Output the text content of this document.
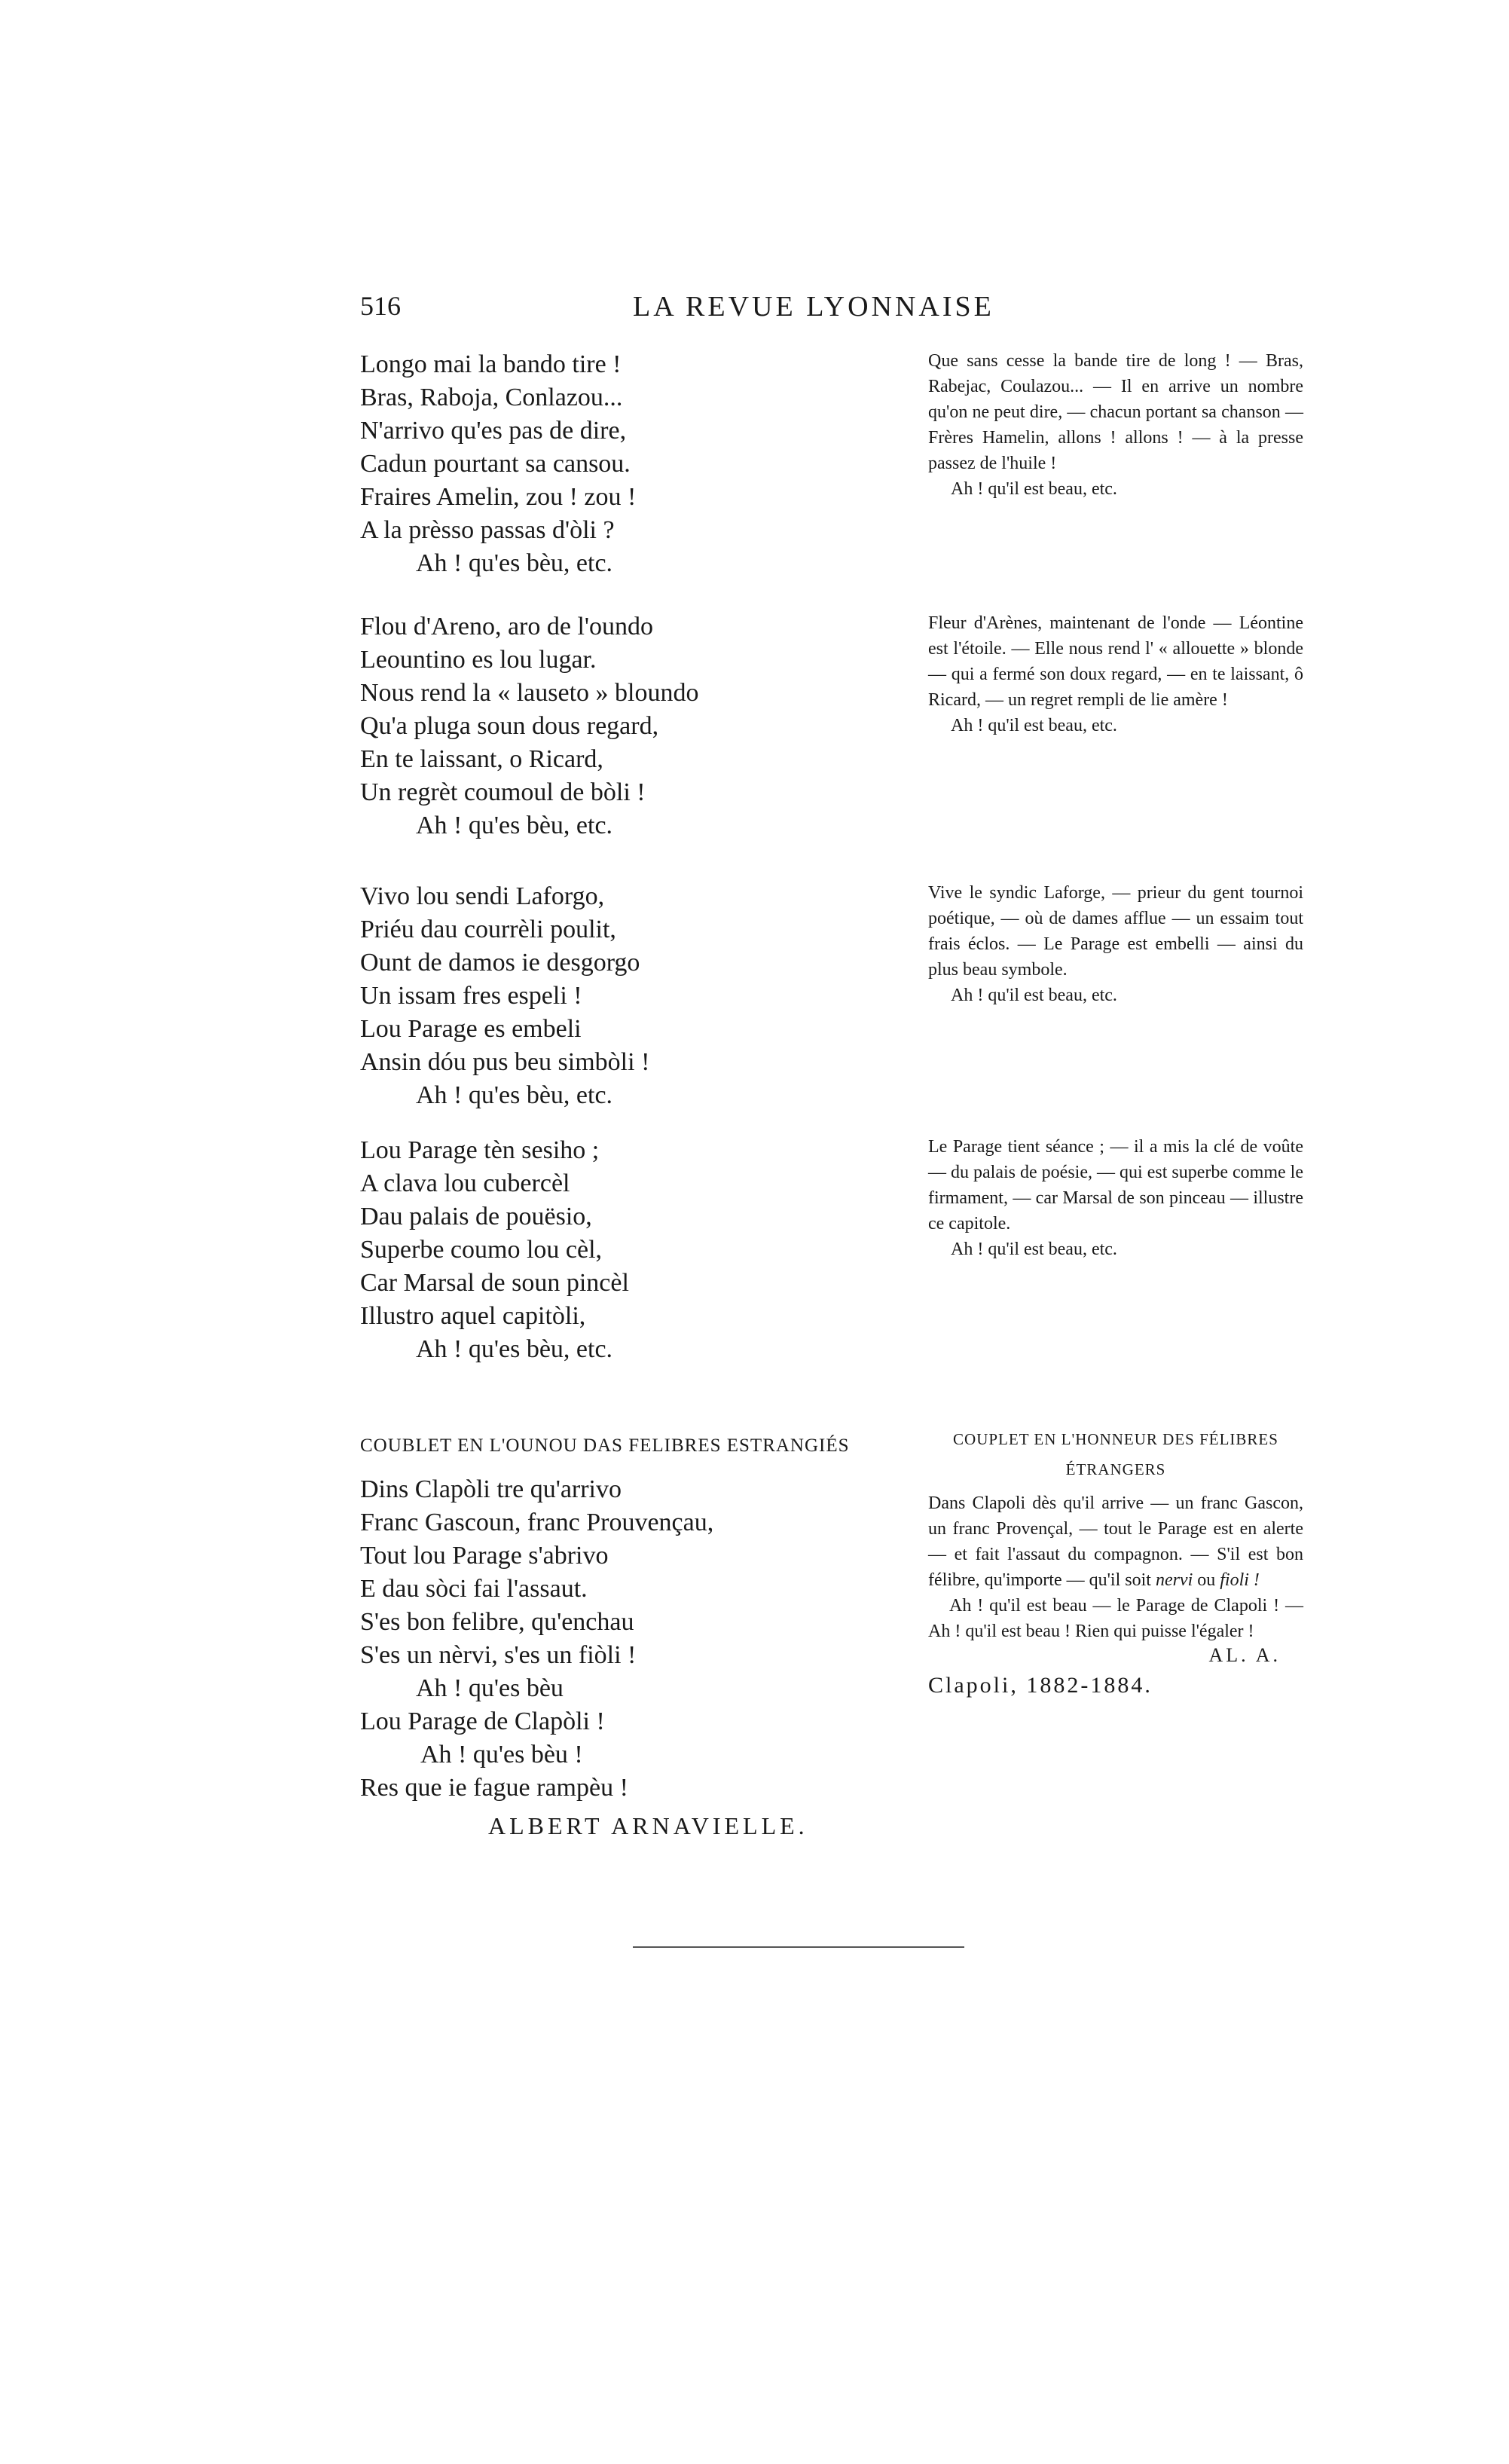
516	LA REVUE LYONNAISE
Longo mai la bando tire !
Bras, Raboja, Conlazou...
N'arrivo qu'es pas de dire,
Cadun pourtant sa cansou.
Fraires Amelin, zou ! zou !
A la prèsso passas d'òli ?
Ah ! qu'es bèu, etc.

Que sans cesse la bande tire de long ! — Bras, Rabejac, Coulazou... — Il en arrive un nombre qu'on ne peut dire, — chacun portant sa chanson — Frères Hamelin, allons ! allons ! — à la presse passez de l'huile !

Ah ! qu'il est beau, etc.
Flou d'Areno, aro de l'oundo
Leountino es lou lugar.
Nous rend la « lauseto » bloundo
Qu'a pluga soun dous regard,
En te laissant, o Ricard,
Un regrèt coumoul de bòli !
Ah ! qu'es bèu, etc.

Fleur d'Arènes, maintenant de l'onde — Léontine est l'étoile. — Elle nous rend l' « allouette » blonde — qui a fermé son doux regard, — en te laissant, ô Ricard, — un regret rempli de lie amère !

Ah ! qu'il est beau, etc.
Vivo lou sendi Laforgo,
Priéu dau courrèli poulit,
Ount de damos ie desgorgo
Un issam fres espeli !
Lou Parage es embeli
Ansin dóu pus beu simbòli !
Ah ! qu'es bèu, etc.

Vive le syndic Laforge, — prieur du gent tournoi poétique, — où de dames afflue — un essaim tout frais éclos. — Le Parage est embelli — ainsi du plus beau symbole.

Ah ! qu'il est beau, etc.
Lou Parage tèn sesiho ;
A clava lou cubercèl
Dau palais de pouësio,
Superbe coumo lou cèl,
Car Marsal de soun pincèl
Illustro aquel capitòli,
Ah ! qu'es bèu, etc.

Le Parage tient séance ; — il a mis la clé de voûte — du palais de poésie, — qui est superbe comme le firmament, — car Marsal de son pinceau — illustre ce capitole.

Ah ! qu'il est beau, etc.
COUBLET EN L'OUNOU DAS FELIBRES ESTRANGIÉS
Dins Clapòli tre qu'arrivo
Franc Gascoun, franc Prouvençau,
Tout lou Parage s'abrivo
E dau sòci fai l'assaut.
S'es bon felibre, qu'enchau
S'es un nèrvi, s'es un fiòli !
Ah ! qu'es bèu
Lou Parage de Clapòli !
Ah ! qu'es bèu !
Res que ie fague rampèu !
ALBERT ARNAVIELLE.
COUPLET EN L'HONNEUR DES FÉLIBRES
ÉTRANGERS

Dans Clapoli dès qu'il arrive — un franc Gascon, un franc Provençal, — tout le Parage est en alerte — et fait l'assaut du compagnon. — S'il est bon félibre, qu'importe — qu'il soit nervi ou fioli !

Ah ! qu'il est beau — le Parage de Clapoli ! — Ah ! qu'il est beau ! Rien qui puisse l'égaler !

AL. A.
Clapoli, 1882-1884.
